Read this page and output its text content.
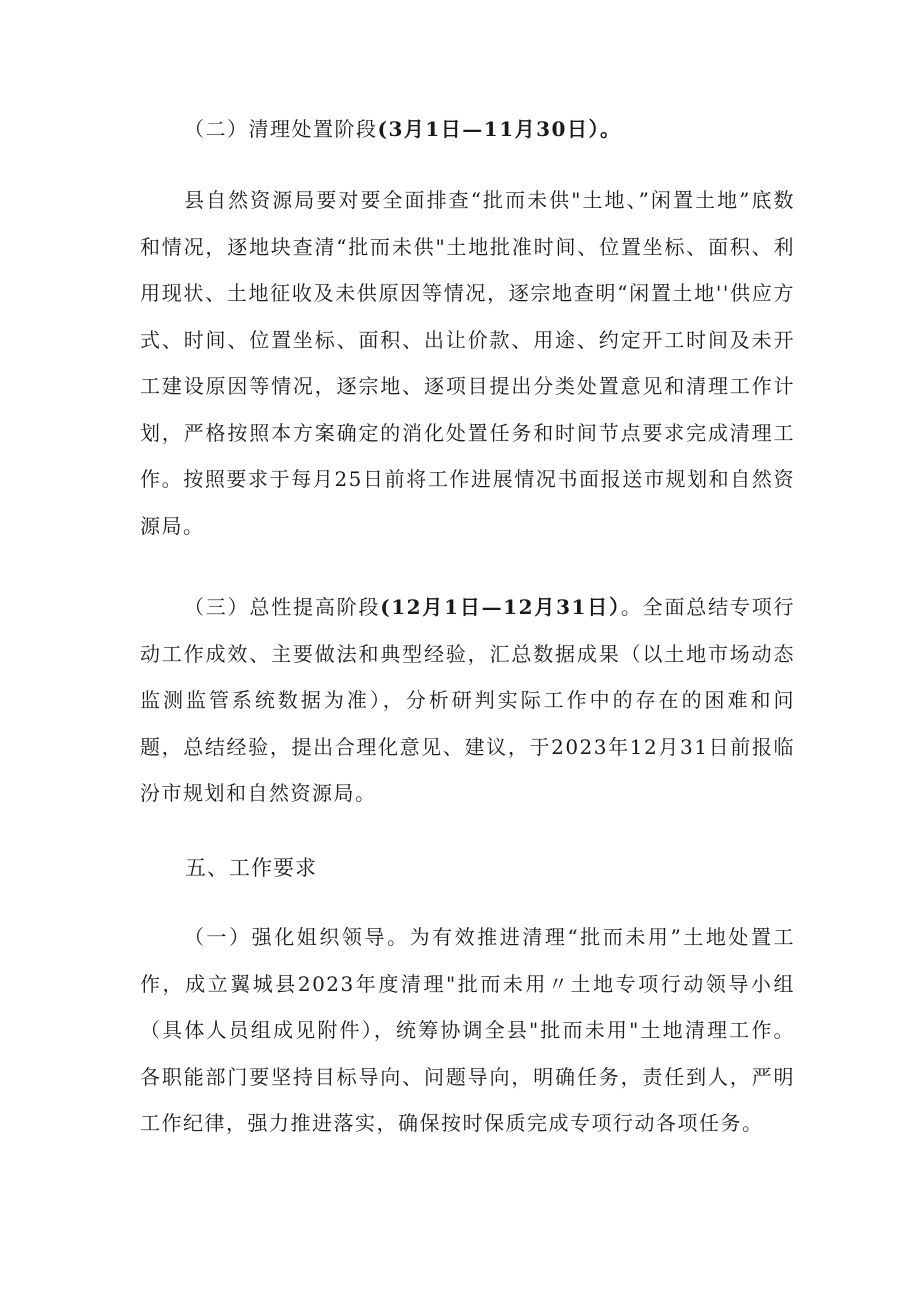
（二）清理处置阶段(3月1日—11月30日）。

县自然资源局要对要全面排查“批而未供"土地、”闲置土地”底数和情况，逐地块查清“批而未供"土地批准时间、位置坐标、面积、利用现状、土地征收及未供原因等情况，逐宗地查明“闲置土地''供应方式、时间、位置坐标、面积、出让价款、用途、约定开工时间及未开工建设原因等情况，逐宗地、逐项目提出分类处置意见和清理工作计划，严格按照本方案确定的消化处置任务和时间节点要求完成清理工作。按照要求于每月25日前将工作进展情况书面报送市规划和自然资源局。

（三）总性提高阶段(12月1日—12月31日）。全面总结专项行动工作成效、主要做法和典型经验，汇总数据成果（以土地市场动态监测监管系统数据为准），分析研判实际工作中的存在的困难和问题，总结经验，提出合理化意见、建议，于2023年12月31日前报临汾市规划和自然资源局。

五、工作要求

（一）强化姐织领导。为有效推进清理“批而未用”土地处置工作，成立翼城县2023年度清理"批而未用〃土地专项行动领导小组（具体人员组成见附件），统筹协调全县"批而未用"土地清理工作。各职能部门要坚持目标导向、问题导向，明确任务，责任到人，严明工作纪律，强力推进落实，确保按时保质完成专项行动各项任务。
